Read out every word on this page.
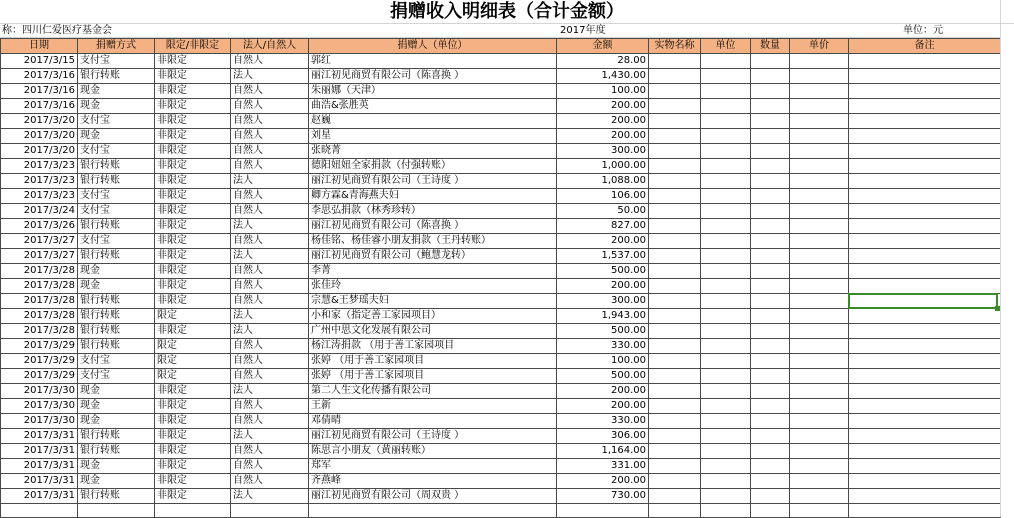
捐赠收入明细表（合计金额）
称：四川仁爱医疗基金会	2017年度	单位：元
日期	捐赠方式	限定/非限定	法人/自然人	捐赠人（单位）	金额	实物名称	单位	数量	单价	备注
2017/3/15	支付宝	非限定	自然人	郭红	28.00					
2017/3/16	银行转账	非限定	法人	丽江初见商贸有限公司（陈喜换 ）	1,430.00					
2017/3/16	现金	非限定	自然人	朱丽娜（天津）	100.00					
2017/3/16	现金	非限定	自然人	曲浩&张胜英	200.00					
2017/3/20	支付宝	非限定	自然人	赵巍	200.00					
2017/3/20	现金	非限定	自然人	刘星	200.00					
2017/3/20	支付宝	非限定	自然人	张晓菁	300.00					
2017/3/23	银行转账	非限定	自然人	德阳妞妞全家捐款（付强转账）	1,000.00					
2017/3/23	银行转账	非限定	法人	丽江初见商贸有限公司（王诗度 ）	1,088.00					
2017/3/23	支付宝	非限定	自然人	卿方霖&青海燕夫妇	106.00					
2017/3/24	支付宝	非限定	自然人	李思弘捐款（林秀珍转）	50.00					
2017/3/26	银行转账	非限定	法人	丽江初见商贸有限公司（陈喜换 ）	827.00					
2017/3/27	支付宝	非限定	自然人	杨佳铭、杨佳睿小朋友捐款（王丹转账）	200.00					
2017/3/27	银行转账	非限定	法人	丽江初见商贸有限公司（鲍慧龙转）	1,537.00					
2017/3/28	现金	非限定	自然人	李菁	500.00					
2017/3/28	现金	非限定	自然人	张佳玲	200.00					
2017/3/28	银行转账	非限定	自然人	宗慧&王梦瑶夫妇	300.00					
2017/3/28	银行转账	限定	法人	小和家（指定善工家园项目）	1,943.00					
2017/3/28	银行转账	非限定	法人	广州中思文化发展有限公司	500.00					
2017/3/29	银行转账	限定	自然人	杨江涛捐款 （用于善工家园项目	330.00					
2017/3/29	支付宝	限定	自然人	张婷 （用于善工家园项目	100.00					
2017/3/29	支付宝	限定	自然人	张婷 （用于善工家园项目	500.00					
2017/3/30	现金	非限定	法人	第二人生文化传播有限公司	200.00					
2017/3/30	现金	非限定	自然人	王新	200.00					
2017/3/30	现金	非限定	自然人	邓倩晴	330.00					
2017/3/31	银行转账	非限定	法人	丽江初见商贸有限公司（王诗度 ）	306.00					
2017/3/31	银行转账	非限定	自然人	陈思言小朋友（黄丽转账）	1,164.00					
2017/3/31	现金	非限定	自然人	郑军	331.00					
2017/3/31	现金	非限定	自然人	齐燕峰	200.00					
2017/3/31	银行转账	非限定	法人	丽江初见商贸有限公司（周双贵 ）	730.00					
